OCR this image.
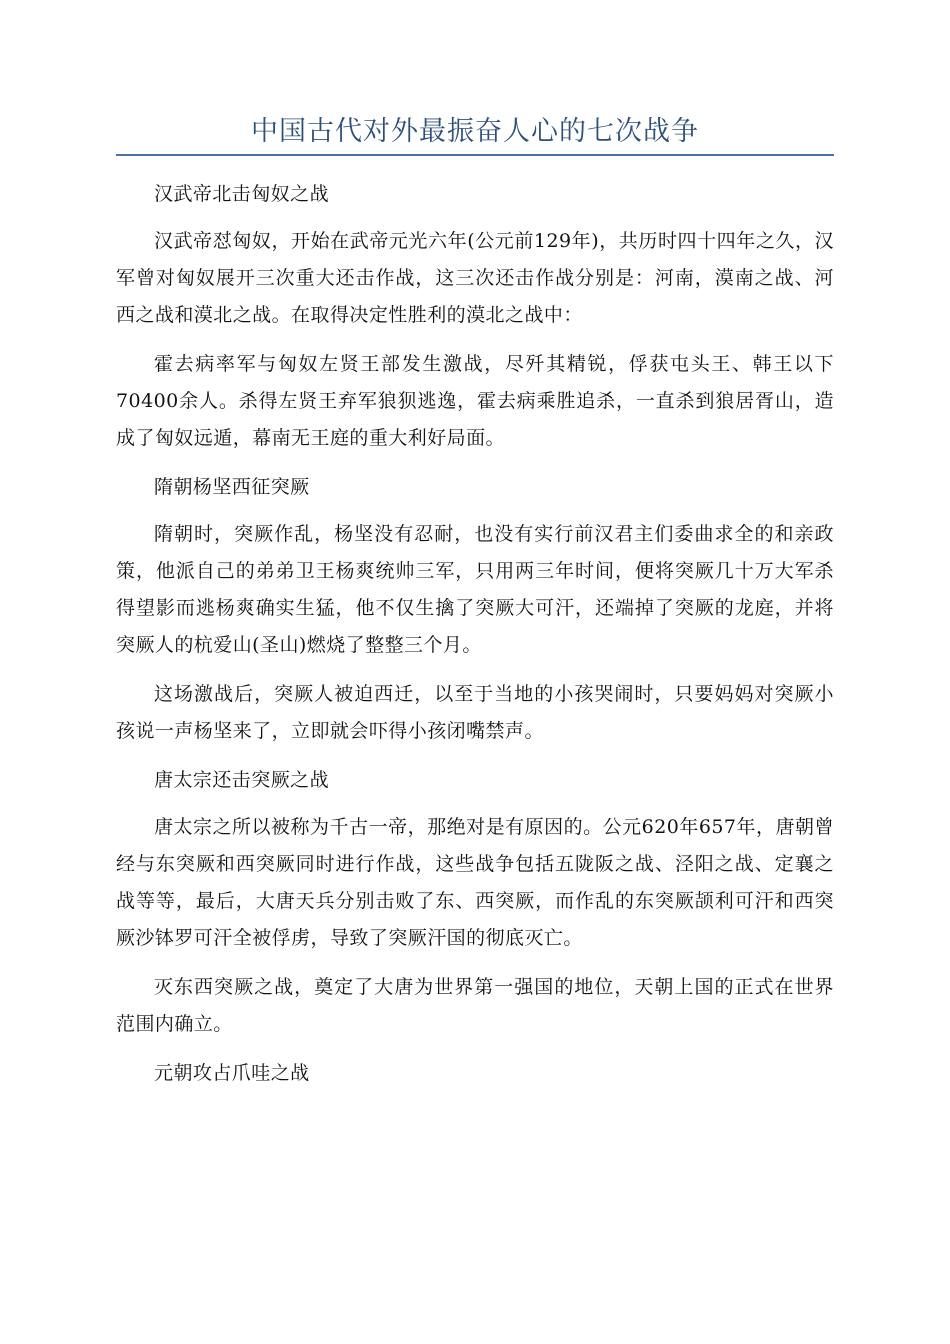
中国古代对外最振奋人心的七次战争

汉武帝北击匈奴之战

汉武帝怼匈奴，开始在武帝元光六年(公元前129年)，共历时四十四年之久，汉军曾对匈奴展开三次重大还击作战，这三次还击作战分别是：河南，漠南之战、河西之战和漠北之战。在取得决定性胜利的漠北之战中：

霍去病率军与匈奴左贤王部发生激战，尽歼其精锐，俘获屯头王、韩王以下70400余人。杀得左贤王弃军狼狈逃逸，霍去病乘胜追杀，一直杀到狼居胥山，造成了匈奴远遁，幕南无王庭的重大利好局面。

隋朝杨坚西征突厥

隋朝时，突厥作乱，杨坚没有忍耐，也没有实行前汉君主们委曲求全的和亲政策，他派自己的弟弟卫王杨爽统帅三军，只用两三年时间，便将突厥几十万大军杀得望影而逃杨爽确实生猛，他不仅生擒了突厥大可汗，还端掉了突厥的龙庭，并将突厥人的杭爱山(圣山)燃烧了整整三个月。

这场激战后，突厥人被迫西迁，以至于当地的小孩哭闹时，只要妈妈对突厥小孩说一声杨坚来了，立即就会吓得小孩闭嘴禁声。

唐太宗还击突厥之战

唐太宗之所以被称为千古一帝，那绝对是有原因的。公元620年657年，唐朝曾经与东突厥和西突厥同时进行作战，这些战争包括五陇阪之战、泾阳之战、定襄之战等等，最后，大唐天兵分别击败了东、西突厥，而作乱的东突厥颉利可汗和西突厥沙钵罗可汗全被俘虏，导致了突厥汗国的彻底灭亡。

灭东西突厥之战，奠定了大唐为世界第一强国的地位，天朝上国的正式在世界范围内确立。

元朝攻占爪哇之战
